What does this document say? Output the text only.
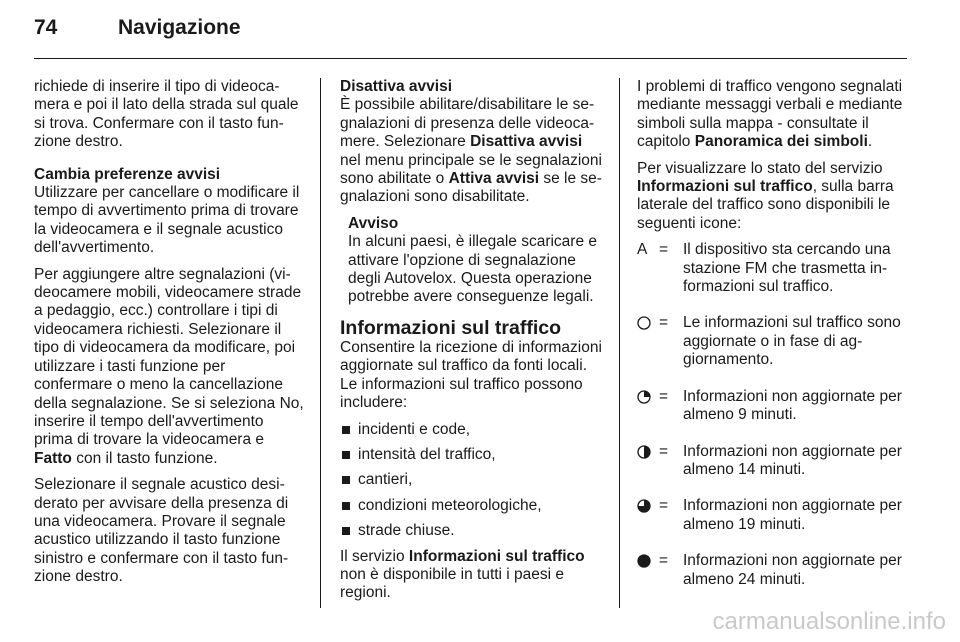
74	Navigazione

richiede di inserire il tipo di videocamera e poi il lato della strada sul quale si trova. Confermare con il tasto funzione destro.

Cambia preferenze avvisi

Utilizzare per cancellare o modificare il tempo di avvertimento prima di trovare la videocamera e il segnale acustico dell'avvertimento.

Per aggiungere altre segnalazioni (videocamere mobili, videocamere strade a pedaggio, ecc.) controllare i tipi di videocamera richiesti. Selezionare il tipo di videocamera da modificare, poi utilizzare i tasti funzione per confermare o meno la cancellazione della segnalazione. Se si seleziona No, inserire il tempo dell'avvertimento prima di trovare la videocamera e Fatto con il tasto funzione.

Selezionare il segnale acustico desiderato per avvisare della presenza di una videocamera. Provare il segnale acustico utilizzando il tasto funzione sinistro e confermare con il tasto funzione destro.

Disattiva avvisi

È possibile abilitare/disabilitare le segnalazioni di presenza delle videocamere. Selezionare Disattiva avvisi nel menu principale se le segnalazioni sono abilitate o Attiva avvisi se le segnalazioni sono disabilitate.

Avviso
In alcuni paesi, è illegale scaricare e attivare l'opzione di segnalazione degli Autovelox. Questa operazione potrebbe avere conseguenze legali.
Informazioni sul traffico

Consentire la ricezione di informazioni aggiornate sul traffico da fonti locali. Le informazioni sul traffico possono includere:

incidenti e code,
intensità del traffico,
cantieri,
condizioni meteorologiche,
strade chiuse.

Il servizio Informazioni sul traffico non è disponibile in tutti i paesi e regioni.

I problemi di traffico vengono segnalati mediante messaggi verbali e mediante simboli sulla mappa - consultate il capitolo Panoramica dei simboli.

Per visualizzare lo stato del servizio Informazioni sul traffico, sulla barra laterale del traffico sono disponibili le seguenti icone:

A = Il dispositivo sta cercando una stazione FM che trasmetta informazioni sul traffico.
= Le informazioni sul traffico sono aggiornate o in fase di aggiornamento.
= Informazioni non aggiornate per almeno 9 minuti.
= Informazioni non aggiornate per almeno 14 minuti.
= Informazioni non aggiornate per almeno 19 minuti.
= Informazioni non aggiornate per almeno 24 minuti.
carmanualsonline.info
